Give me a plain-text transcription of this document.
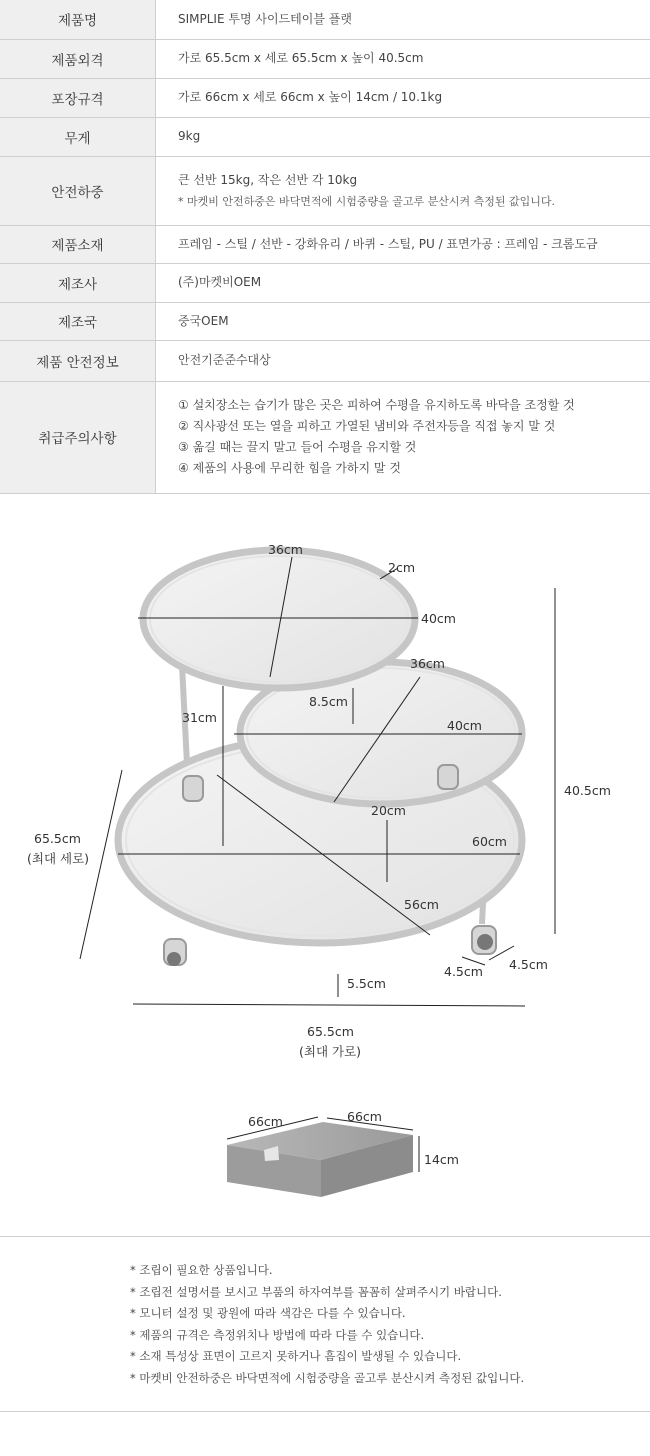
제품명	SIMPLIE 투명 사이드테이블 플랫

제품외격	가로 65.5cm x 세로 65.5cm x 높이 40.5cm

포장규격	가로 66cm x 세로 66cm x 높이 14cm / 10.1kg

무게	9kg

안전하중	큰 선반 15kg, 작은 선반 각 10kg
* 마켓비 안전하중은 바닥면적에 시험중량을 골고루 분산시켜 측정된 값입니다.

제품소재	프레임 - 스틸 / 선반 - 강화유리 / 바퀴 - 스틸, PU / 표면가공 : 프레임 - 크롬도금

제조사	(주)마켓비OEM

제조국	중국OEM

제품 안전정보	안전기준준수대상

취급주의사항	① 설치장소는 습기가 많은 곳은 피하여 수평을 유지하도록 바닥을 조정할 것
② 직사광선 또는 열을 피하고 가열된 냄비와 주전자등을 직접 놓지 말 것
③ 옮길 때는 끌지 말고 들어 수평을 유지할 것
④ 제품의 사용에 무리한 힘을 가하지 말 것
36cm
2cm
40cm
36cm
8.5cm
40cm
31cm
20cm
60cm
56cm
40.5cm
65.5cm
(최대 세로)
4.5cm 4.5cm
5.5cm
65.5cm
(최대 가로)
66cm	66cm
14cm
* 조립이 필요한 상품입니다.
* 조립전 설명서를 보시고 부품의 하자여부를 꼼꼼히 살펴주시기 바랍니다.
* 모니터 설정 및 광원에 따라 색감은 다를 수 있습니다.
* 제품의 규격은 측정위치나 방법에 따라 다를 수 있습니다.
* 소재 특성상 표면이 고르지 못하거나 흠집이 발생될 수 있습니다.
* 마켓비 안전하중은 바닥면적에 시험중량을 골고루 분산시켜 측정된 값입니다.
